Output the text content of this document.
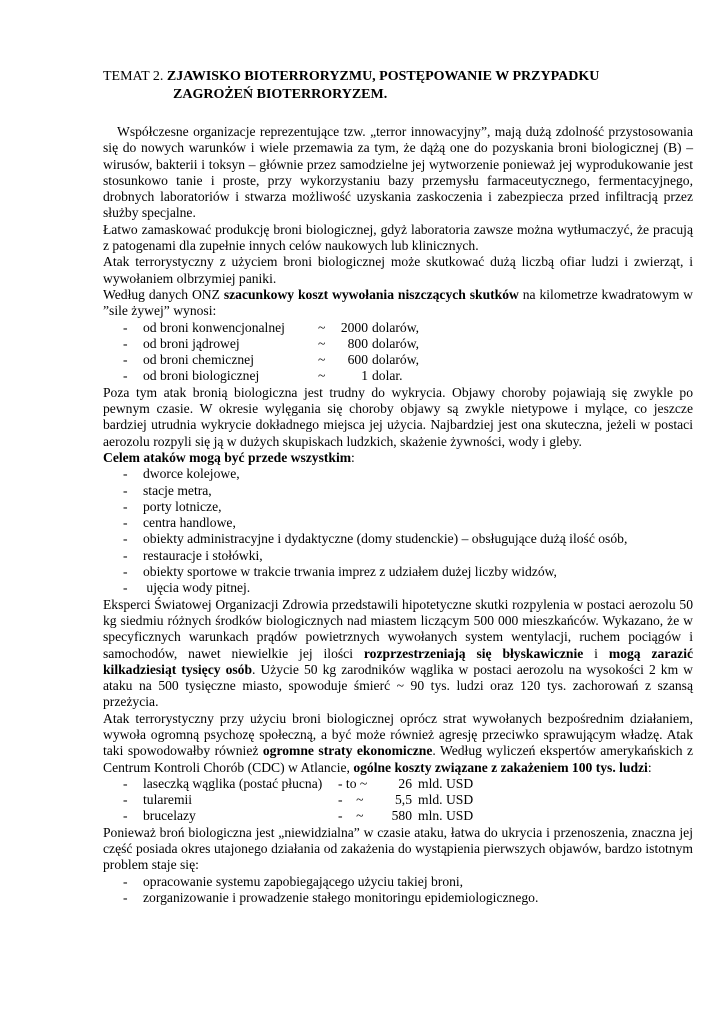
TEMAT 2. ZJAWISKO BIOTERRORYZMU, POSTĘPOWANIE W PRZYPADKU
ZAGROŻEŃ BIOTERRORYZEM.

Współczesne organizacje reprezentujące tzw. „terror innowacyjny”, mają dużą zdolność przystosowania się do nowych warunków i wiele przemawia za tym, że dążą one do pozyskania broni biologicznej (B) – wirusów, bakterii i toksyn – głównie przez samodzielne jej wytworzenie ponieważ jej wyprodukowanie jest stosunkowo tanie i proste, przy wykorzystaniu bazy przemysłu farmaceutycznego, fermentacyjnego, drobnych laboratoriów i stwarza możliwość uzyskania zaskoczenia i zabezpiecza przed infiltracją przez służby specjalne.

Łatwo zamaskować produkcję broni biologicznej, gdyż laboratoria zawsze można wytłumaczyć, że pracują z patogenami dla zupełnie innych celów naukowych lub klinicznych.

Atak terrorystyczny z użyciem broni biologicznej może skutkować dużą liczbą ofiar ludzi i zwierząt, i wywołaniem olbrzymiej paniki.

Według danych ONZ szacunkowy koszt wywołania niszczących skutków na kilometrze kwadratowym w ”sile żywej” wynosi:

- od broni konwencjonalnej	~	2000 dolarów,
- od broni jądrowej	~	800 dolarów,
- od broni chemicznej	~	600 dolarów,
- od broni biologicznej	~	1 dolar.

Poza tym atak bronią biologiczna jest trudny do wykrycia. Objawy choroby pojawiają się zwykle po pewnym czasie. W okresie wylęgania się choroby objawy są zwykle nietypowe i mylące, co jeszcze bardziej utrudnia wykrycie dokładnego miejsca jej użycia. Najbardziej jest ona skuteczna, jeżeli w postaci aerozolu rozpyli się ją w dużych skupiskach ludzkich, skażenie żywności, wody i gleby.

Celem ataków mogą być przede wszystkim:

- dworce kolejowe,
- stacje metra,
- porty lotnicze,
- centra handlowe,
- obiekty administracyjne i dydaktyczne (domy studenckie) – obsługujące dużą ilość osób,
- restauracje i stołówki,
- obiekty sportowe w trakcie trwania imprez z udziałem dużej liczby widzów,
-  ujęcia wody pitnej.

Eksperci Światowej Organizacji Zdrowia przedstawili hipotetyczne skutki rozpylenia w postaci aerozolu 50 kg siedmiu różnych środków biologicznych nad miastem liczącym 500 000 mieszkańców. Wykazano, że w specyficznych warunkach prądów powietrznych wywołanych system wentylacji, ruchem pociągów i samochodów, nawet niewielkie jej ilości rozprzestrzeniają się błyskawicznie i mogą zarazić kilkadziesiąt tysięcy osób. Użycie 50 kg zarodników wąglika w postaci aerozolu na wysokości 2 km w ataku na 500 tysięczne miasto, spowoduje śmierć ~ 90 tys. ludzi oraz 120 tys. zachorowań z szansą przeżycia.

Atak terrorystyczny przy użyciu broni biologicznej oprócz strat wywołanych bezpośrednim działaniem, wywoła ogromną psychozę społeczną, a być może również agresję przeciwko sprawującym władzę. Atak taki spowodowałby również ogromne straty ekonomiczne. Według wyliczeń ekspertów amerykańskich z Centrum Kontroli Chorób (CDC) w Atlancie, ogólne koszty związane z zakażeniem 100 tys. ludzi:

- laseczką wąglika (postać płucna)	- to ~	26 mld. USD
- tularemii	-    ~	5,5 mld. USD
- brucelazy	-    ~	580 mln. USD

Ponieważ broń biologiczna jest „niewidzialna” w czasie ataku, łatwa do ukrycia i przenoszenia, znaczna jej część posiada okres utajonego działania od zakażenia do wystąpienia pierwszych objawów, bardzo istotnym problem staje się:

- opracowanie systemu zapobiegającego użyciu takiej broni,
- zorganizowanie i prowadzenie stałego monitoringu epidemiologicznego.
